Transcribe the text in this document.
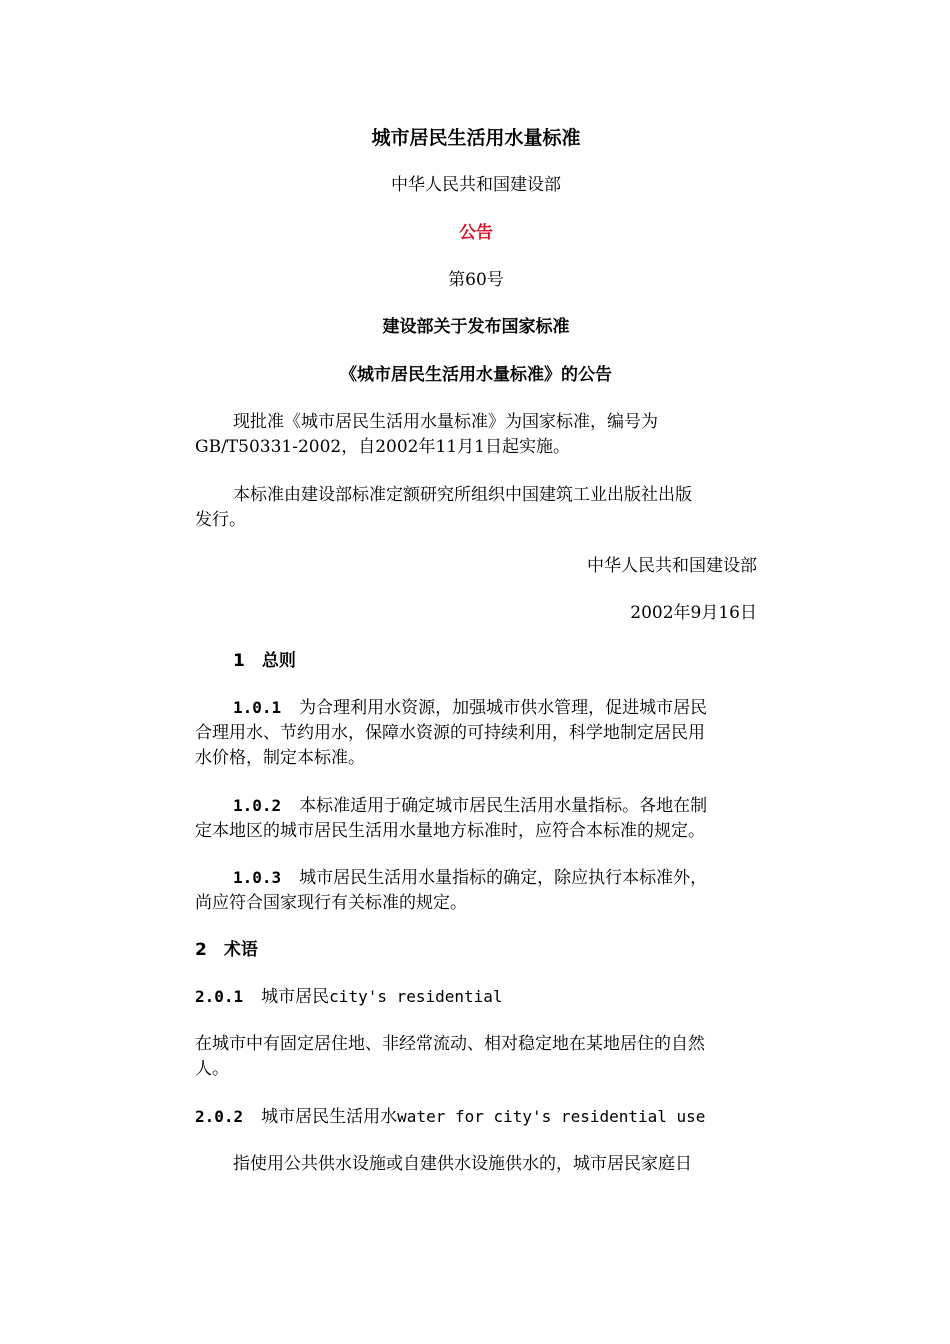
城市居民生活用水量标准
中华人民共和国建设部
公告
第60号
建设部关于发布国家标准
《城市居民生活用水量标准》的公告
现批准《城市居民生活用水量标准》为国家标准，编号为
GB/T50331-2002，自2002年11月1日起实施。
本标准由建设部标准定额研究所组织中国建筑工业出版社出版
发行。
中华人民共和国建设部
2002年9月16日
1　总则
1.0.1 为合理利用水资源，加强城市供水管理，促进城市居民
合理用水、节约用水，保障水资源的可持续利用，科学地制定居民用
水价格，制定本标准。
1.0.2 本标准适用于确定城市居民生活用水量指标。各地在制
定本地区的城市居民生活用水量地方标准时，应符合本标准的规定。
1.0.3 城市居民生活用水量指标的确定，除应执行本标准外，
尚应符合国家现行有关标准的规定。
2　术语
2.0.1 城市居民city's residential
在城市中有固定居住地、非经常流动、相对稳定地在某地居住的自然
人。
2.0.2 城市居民生活用水water for city's residential use
指使用公共供水设施或自建供水设施供水的，城市居民家庭日
